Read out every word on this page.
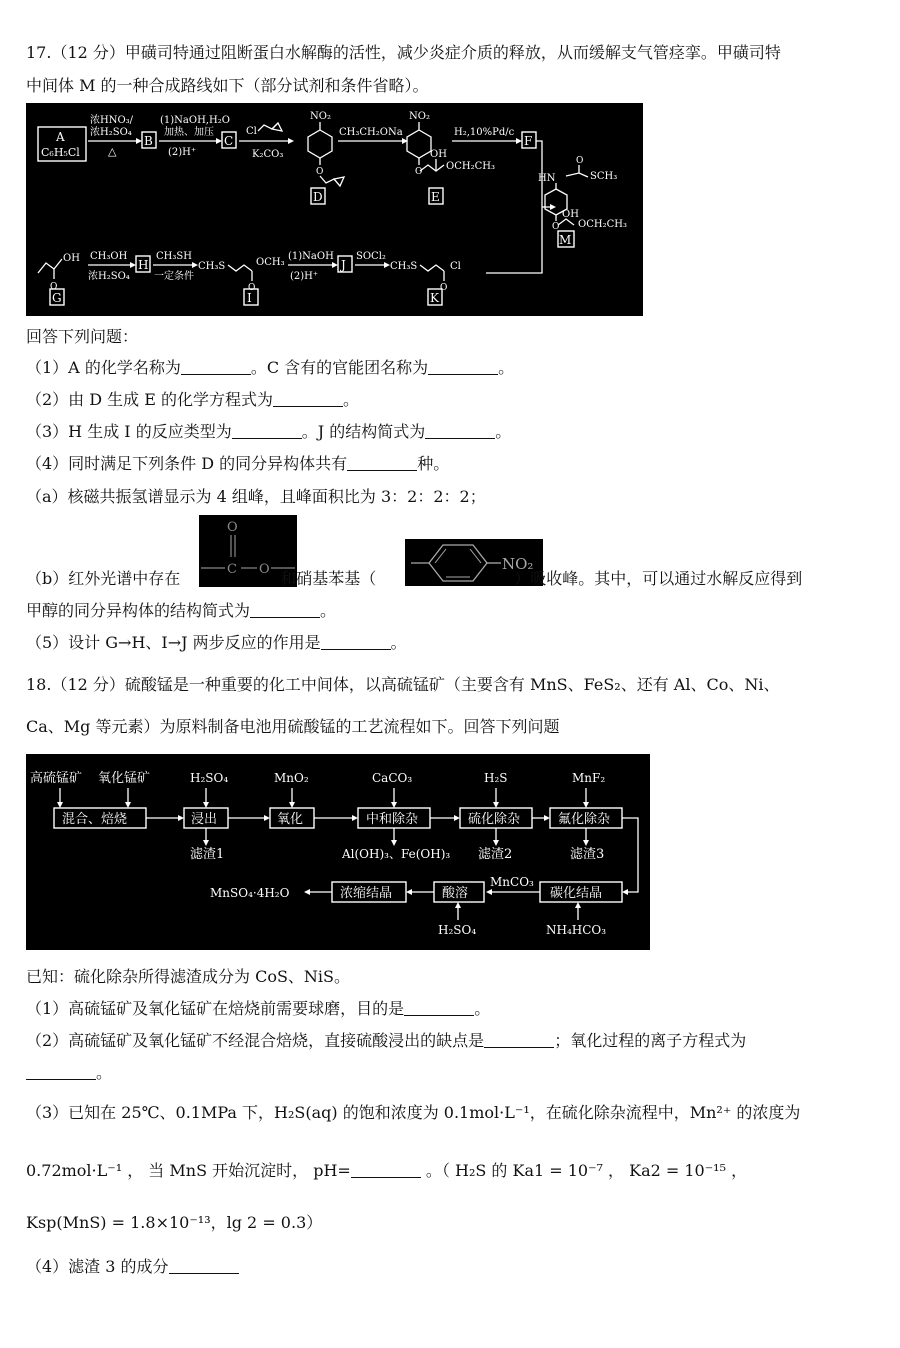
17.（12 分）甲磺司特通过阻断蛋白水解酶的活性，减少炎症介质的释放，从而缓解支气管痉挛。甲磺司特
中间体 M 的一种合成路线如下（部分试剂和条件省略）。
A
C₆H₅Cl
浓HNO₃/
浓H₂SO₄
△
B
(1)NaOH,H₂O
加热、加压
(2)H⁺
C
Cl
K₂CO₃
NO₂
O
D
CH₃CH₂ONa
NO₂
O
OH
OCH₂CH₃
E
H₂,10%Pd/c
F
O
SCH₃
HN
O
OH
OCH₂CH₃
M
O
OH
G
CH₃OH
浓H₂SO₄
H
CH₃SH
一定条件
CH₃S
O
OCH₃
I
(1)NaOH
(2)H⁺
J
SOCl₂
CH₃S
O
Cl
K
回答下列问题：
（1）A 的化学名称为	。C 含有的官能团名称为	。
（2）由 D 生成 E 的化学方程式为	。
（3）H 生成 I 的反应类型为	。J 的结构简式为	。
（4）同时满足下列条件 D 的同分异构体共有	种。
（a）核磁共振氢谱显示为 4 组峰，且峰面积比为 3：2：2：2；
O
C O	NO₂
（b）红外光谱中存在	和硝基苯基（	）吸收峰。其中，可以通过水解反应得到
甲醇的同分异构体的结构简式为	。
（5）设计 G→H、I→J 两步反应的作用是	。
18.（12 分）硫酸锰是一种重要的化工中间体，以高硫锰矿（主要含有 MnS、FeS₂、还有 Al、Co、Ni、
Ca、Mg 等元素）为原料制备电池用硫酸锰的工艺流程如下。回答下列问题
高硫锰矿 氧化锰矿
混合、焙烧
H₂SO₄
浸出
滤渣1
MnO₂
氧化
CaCO₃
中和除杂
Al(OH)₃、Fe(OH)₃
H₂S
硫化除杂
滤渣2
MnF₂
氟化除杂
滤渣3
碳化结晶
NH₄HCO₃
MnCO₃
酸溶
H₂SO₄
浓缩结晶
MnSO₄·4H₂O
已知：硫化除杂所得滤渣成分为 CoS、NiS。
（1）高硫锰矿及氧化锰矿在焙烧前需要球磨，目的是	。
（2）高硫锰矿及氧化锰矿不经混合焙烧，直接硫酸浸出的缺点是	；氧化过程的离子方程式为
。
（3）已知在 25℃、0.1MPa 下，H₂S(aq) 的饱和浓度为 0.1mol·L⁻¹，在硫化除杂流程中，Mn²⁺ 的浓度为
0.72mol·L⁻¹ ， 当 MnS 开始沉淀时， pH=	。（ H₂S 的 Ka1 = 10⁻⁷ ， Ka2 = 10⁻¹⁵ ，
Ksp(MnS) = 1.8×10⁻¹³，lg 2 = 0.3）
（4）滤渣 3 的成分
